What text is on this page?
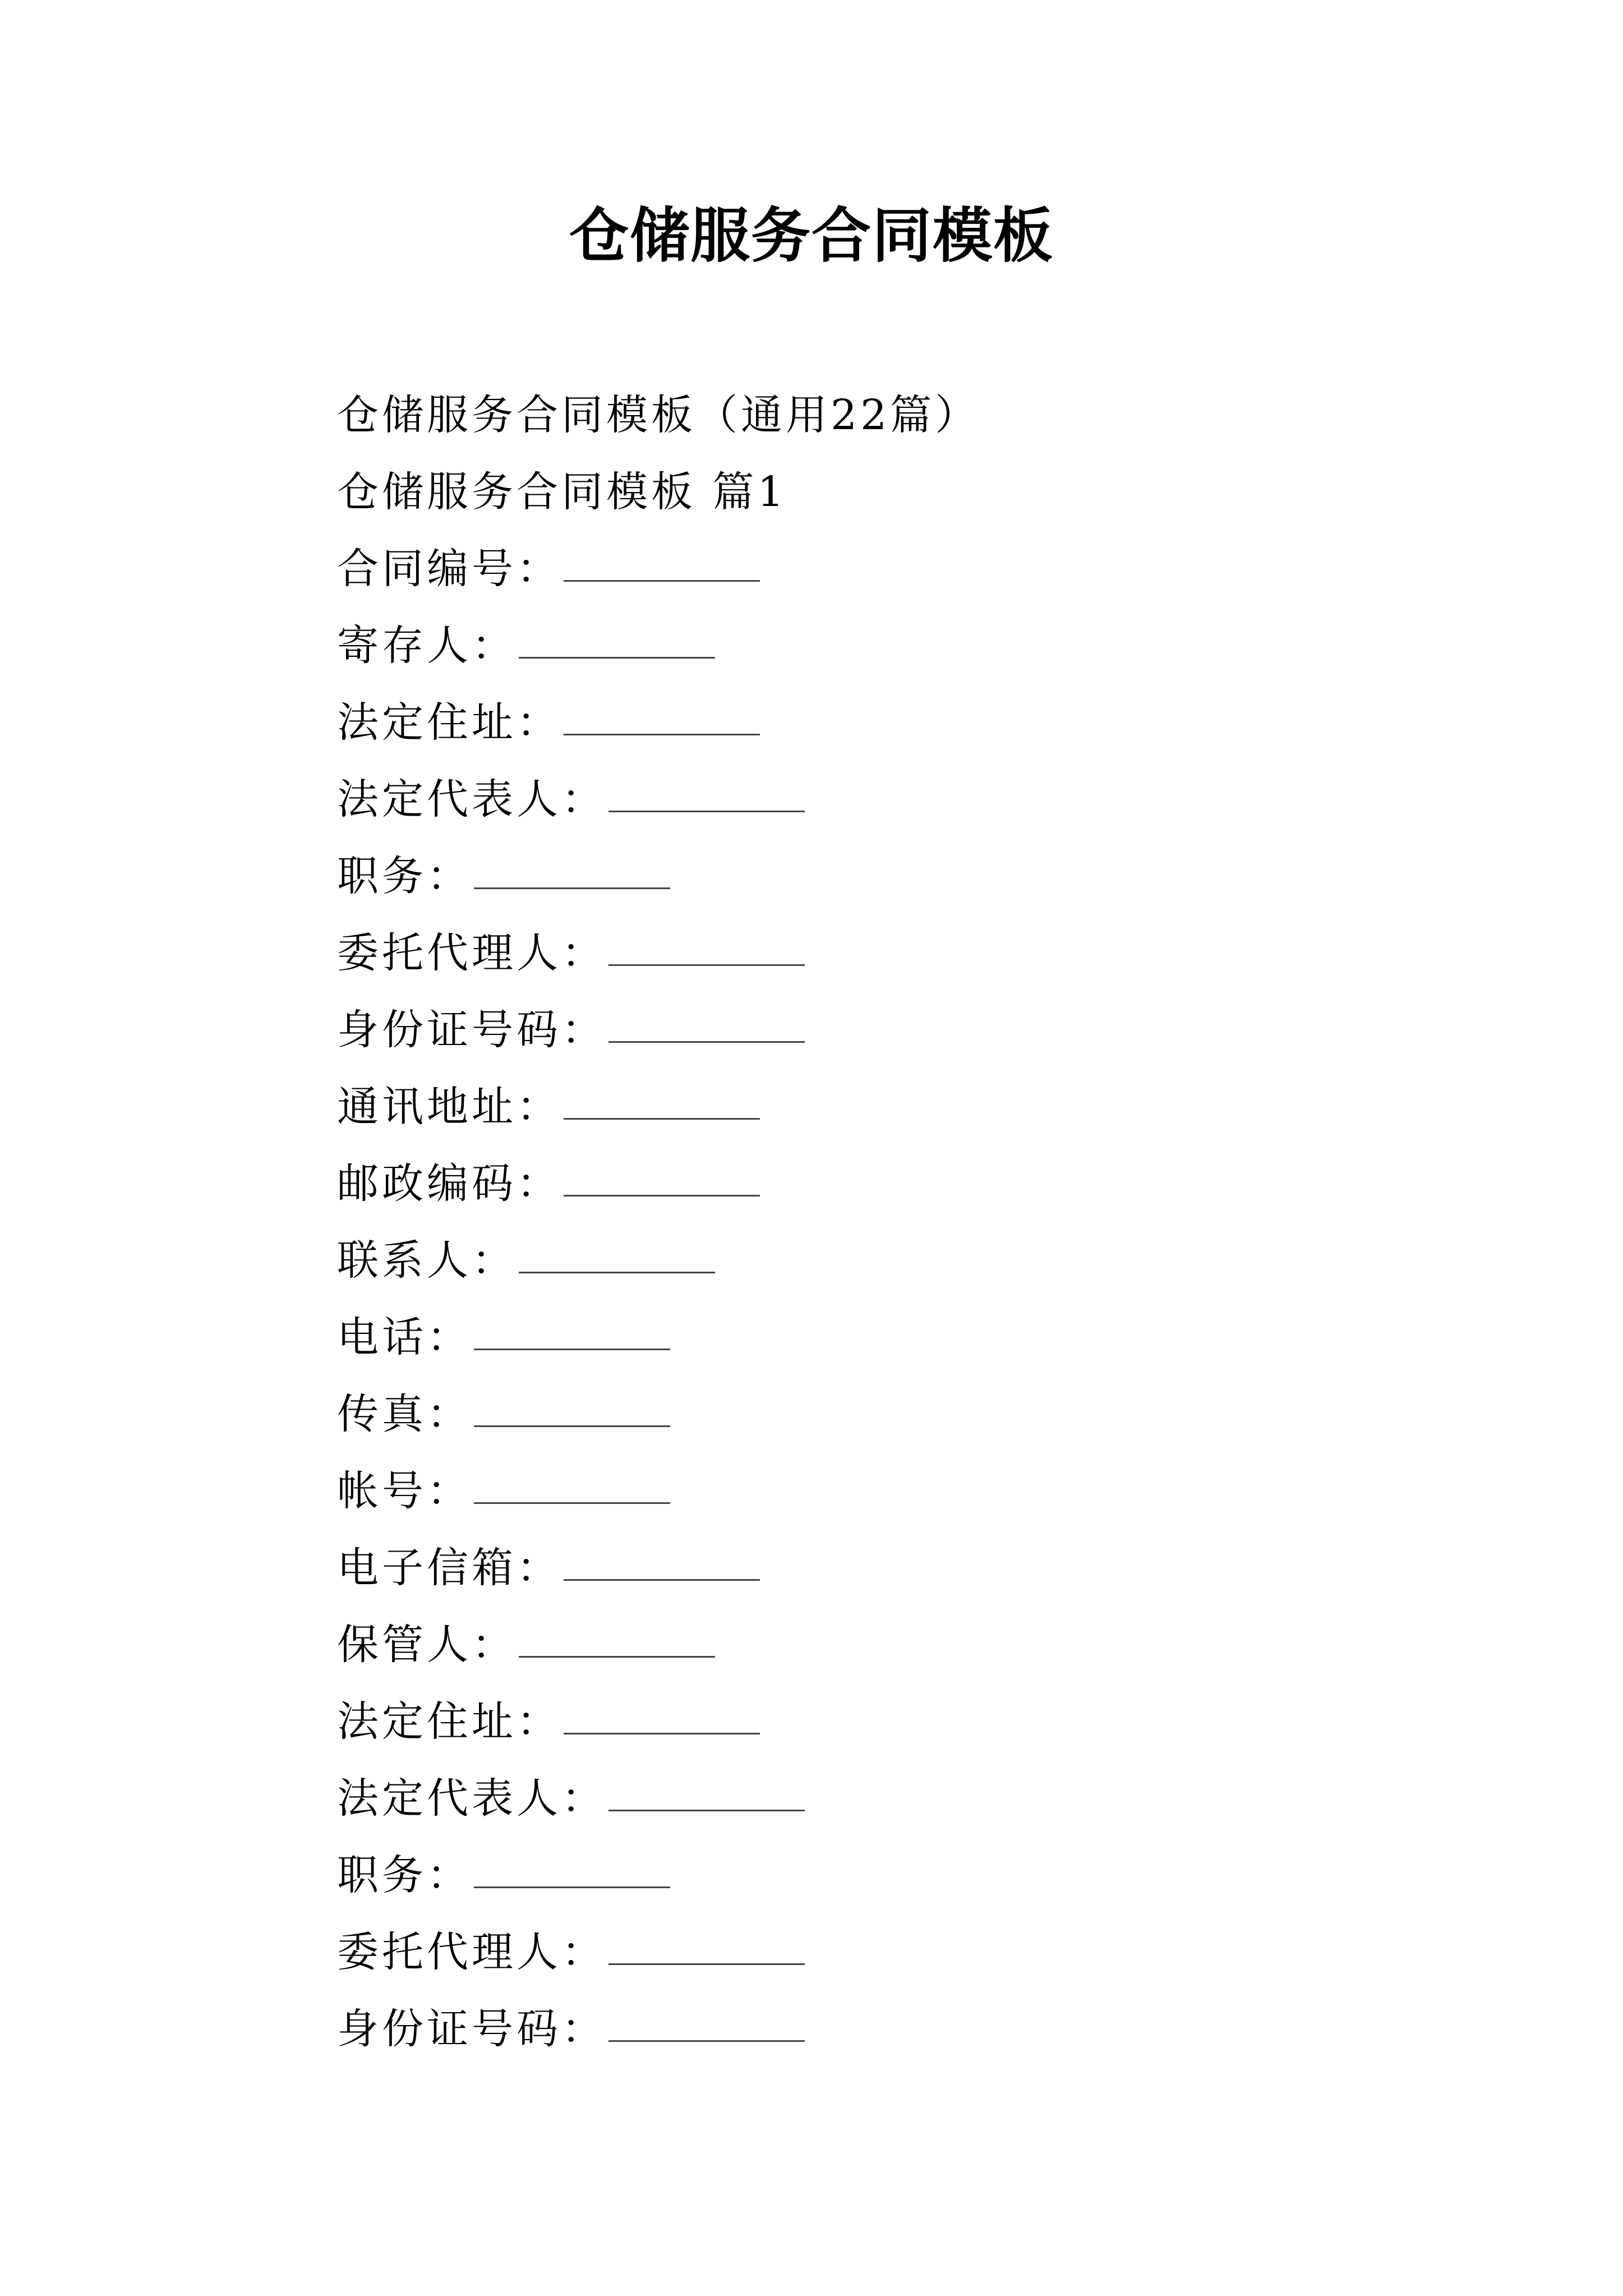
仓储服务合同模板
仓储服务合同模板（通用22篇）
仓储服务合同模板 篇1
合同编号：
寄存人：
法定住址：
法定代表人：
职务：
委托代理人：
身份证号码：
通讯地址：
邮政编码：
联系人：
电话：
传真：
帐号：
电子信箱：
保管人：
法定住址：
法定代表人：
职务：
委托代理人：
身份证号码：
